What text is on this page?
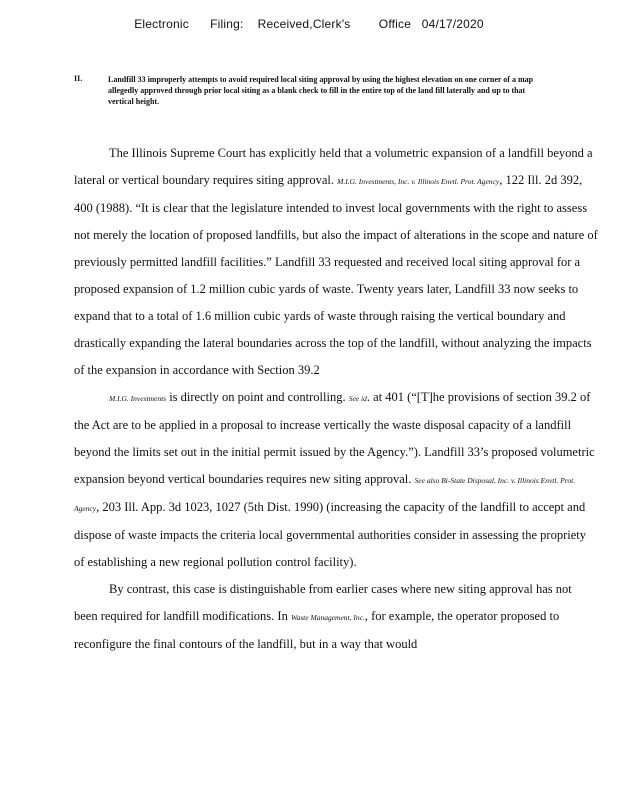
Electronic      Filing:    Received,Clerk's        Office   04/17/2020
II.	Landfill 33 improperly attempts to avoid required local siting approval by using the highest elevation on one corner of a map allegedly approved through prior local siting as a blank check to fill in the entire top of the land fill laterally and up to that vertical height.

The Illinois Supreme Court has explicitly held that a volumetric expansion of a landfill beyond a lateral or vertical boundary requires siting approval. M.I.G. Investments, Inc. v. Illinois Envtl. Prot. Agency, 122 Ill. 2d 392, 400 (1988). “It is clear that the legislature intended to invest local governments with the right to assess not merely the location of proposed landfills, but also the impact of alterations in the scope and nature of previously permitted landfill facilities.” Landfill 33 requested and received local siting approval for a proposed expansion of 1.2 million cubic yards of waste. Twenty years later, Landfill 33 now seeks to expand that to a total of 1.6 million cubic yards of waste through raising the vertical boundary and drastically expanding the lateral boundaries across the top of the landfill, without analyzing the impacts of the expansion in accordance with Section 39.2

M.I.G. Investments is directly on point and controlling. See id. at 401 (“[T]he provisions of section 39.2 of the Act are to be applied in a proposal to increase vertically the waste disposal capacity of a landfill beyond the limits set out in the initial permit issued by the Agency.”). Landfill 33’s proposed volumetric expansion beyond vertical boundaries requires new siting approval. See also Bi-State Disposal, Inc. v. Illinois Envtl. Prot. Agency, 203 Ill. App. 3d 1023, 1027 (5th Dist. 1990) (increasing the capacity of the landfill to accept and dispose of waste impacts the criteria local governmental authorities consider in assessing the propriety of establishing a new regional pollution control facility).

By contrast, this case is distinguishable from earlier cases where new siting approval has not been required for landfill modifications. In Waste Management, Inc., for example, the operator proposed to reconfigure the final contours of the landfill, but in a way that would
